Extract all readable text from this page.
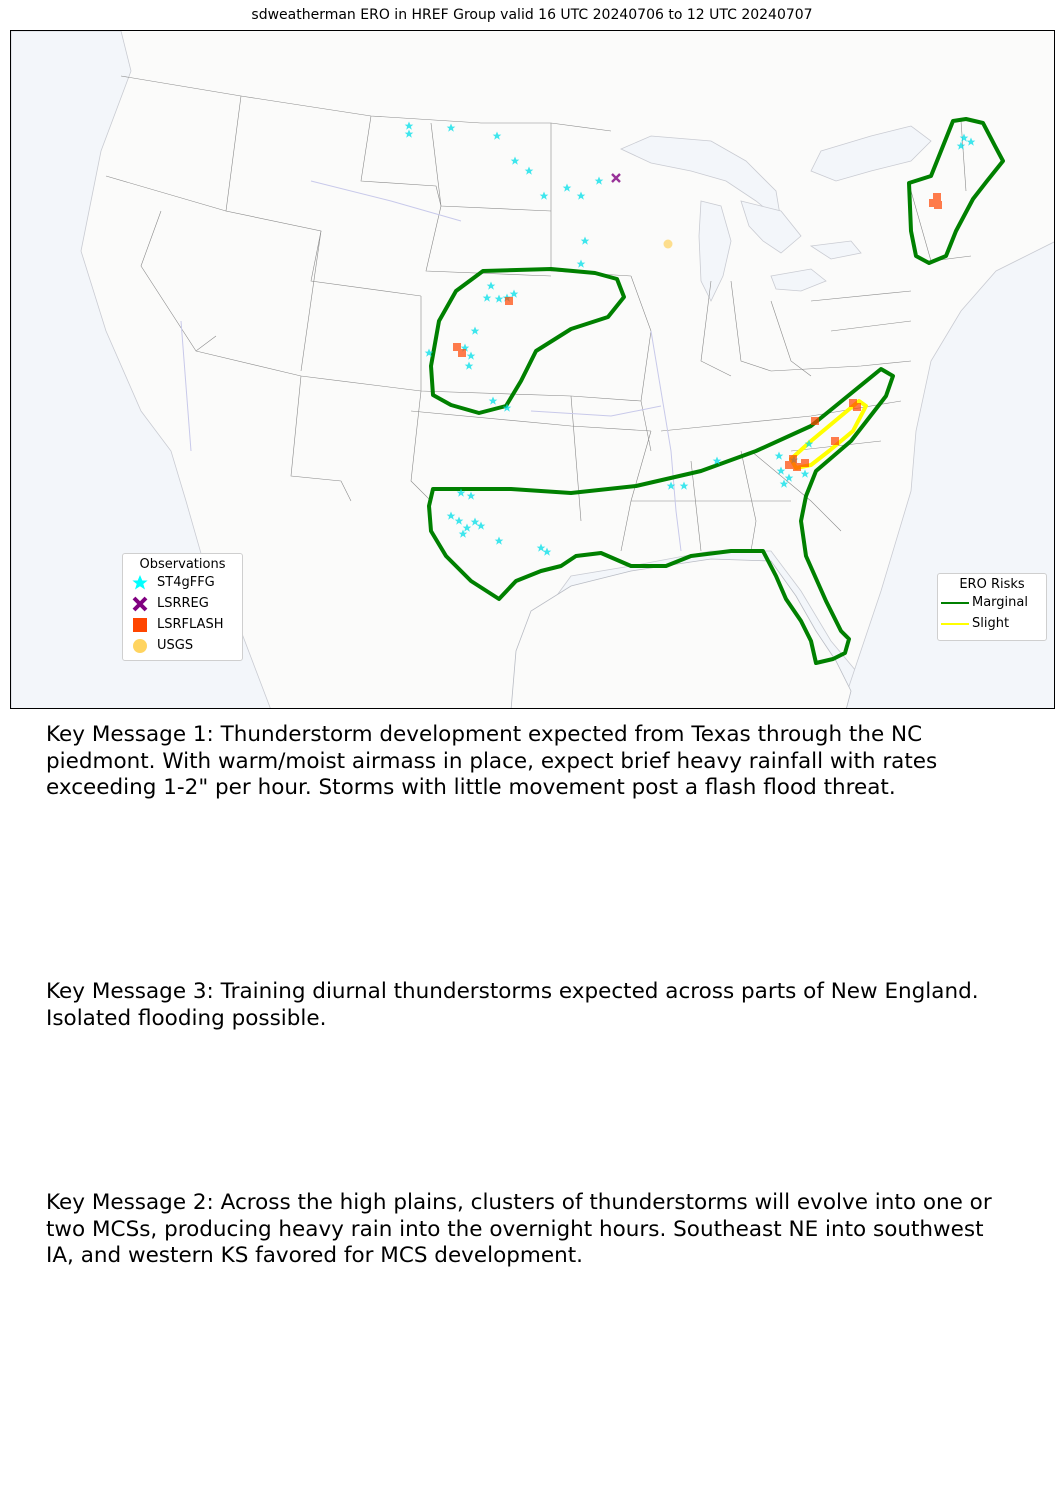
sdweatherman ERO in HREF Group valid 16 UTC 20240706 to 12 UTC 20240707
Observations
ST4gFFG
LSRREG
LSRFLASH
USGS
ERO Risks
Marginal
Slight
Key Message 1: Thunderstorm development expected from Texas through the NC piedmont. With warm/moist airmass in place, expect brief heavy rainfall with rates exceeding 1-2" per hour. Storms with little movement post a flash flood threat.
Key Message 3: Training diurnal thunderstorms expected across parts of New England. Isolated flooding possible.
Key Message 2: Across the high plains, clusters of thunderstorms will evolve into one or two MCSs, producing heavy rain into the overnight hours. Southeast NE into southwest IA, and western KS favored for MCS development.
